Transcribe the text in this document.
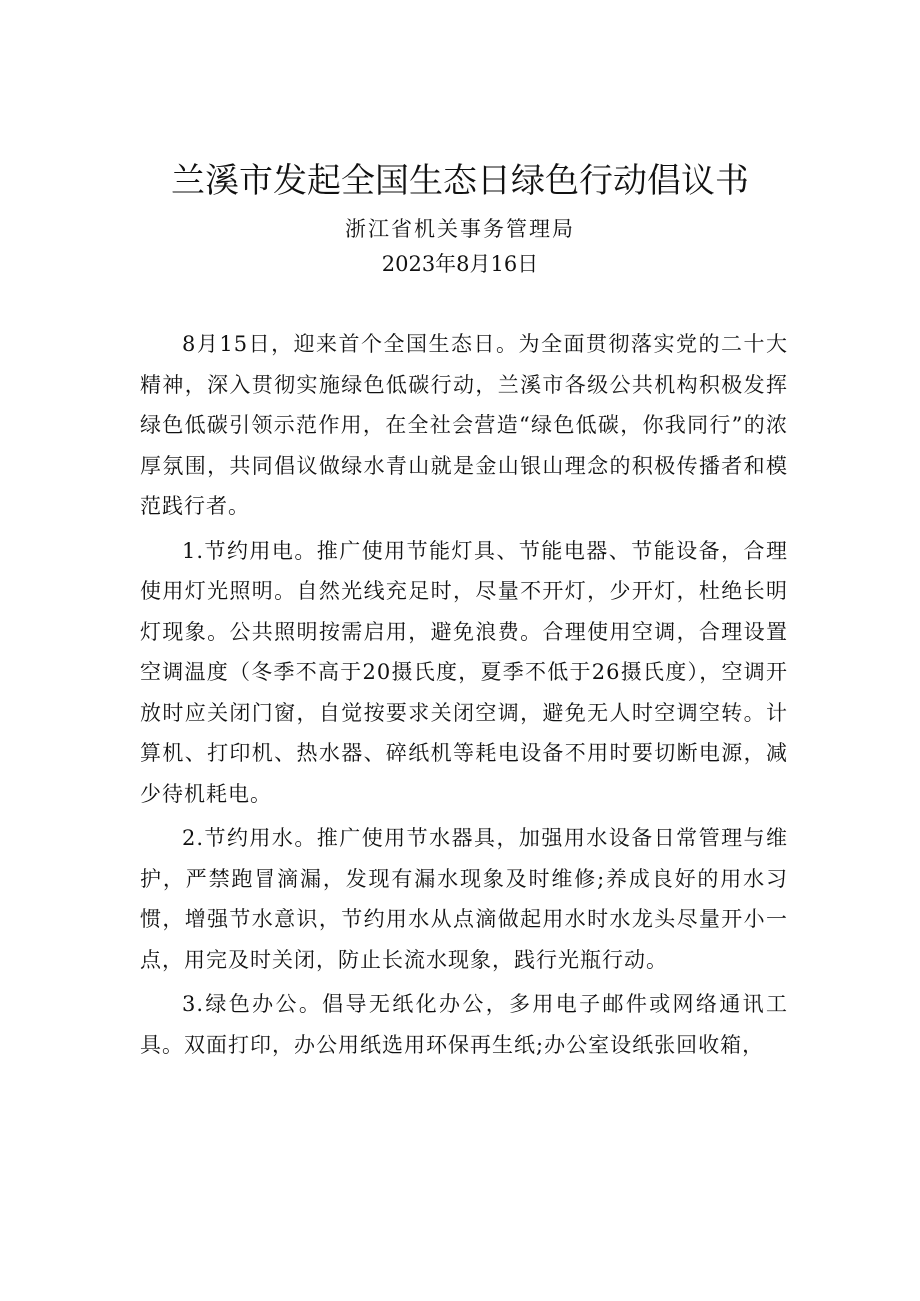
兰溪市发起全国生态日绿色行动倡议书
浙江省机关事务管理局
2023年8月16日

8月15日，迎来首个全国生态日。为全面贯彻落实党的二十大精神，深入贯彻实施绿色低碳行动，兰溪市各级公共机构积极发挥绿色低碳引领示范作用，在全社会营造“绿色低碳，你我同行”的浓厚氛围，共同倡议做绿水青山就是金山银山理念的积极传播者和模范践行者。

1.节约用电。推广使用节能灯具、节能电器、节能设备，合理使用灯光照明。自然光线充足时，尽量不开灯，少开灯，杜绝长明灯现象。公共照明按需启用，避免浪费。合理使用空调，合理设置空调温度（冬季不高于20摄氏度，夏季不低于26摄氏度），空调开放时应关闭门窗，自觉按要求关闭空调，避免无人时空调空转。计算机、打印机、热水器、碎纸机等耗电设备不用时要切断电源，减少待机耗电。

2.节约用水。推广使用节水器具，加强用水设备日常管理与维护，严禁跑冒滴漏，发现有漏水现象及时维修;养成良好的用水习惯，增强节水意识，节约用水从点滴做起用水时水龙头尽量开小一点，用完及时关闭，防止长流水现象，践行光瓶行动。

3.绿色办公。倡导无纸化办公，多用电子邮件或网络通讯工具。双面打印，办公用纸选用环保再生纸;办公室设纸张回收箱，
